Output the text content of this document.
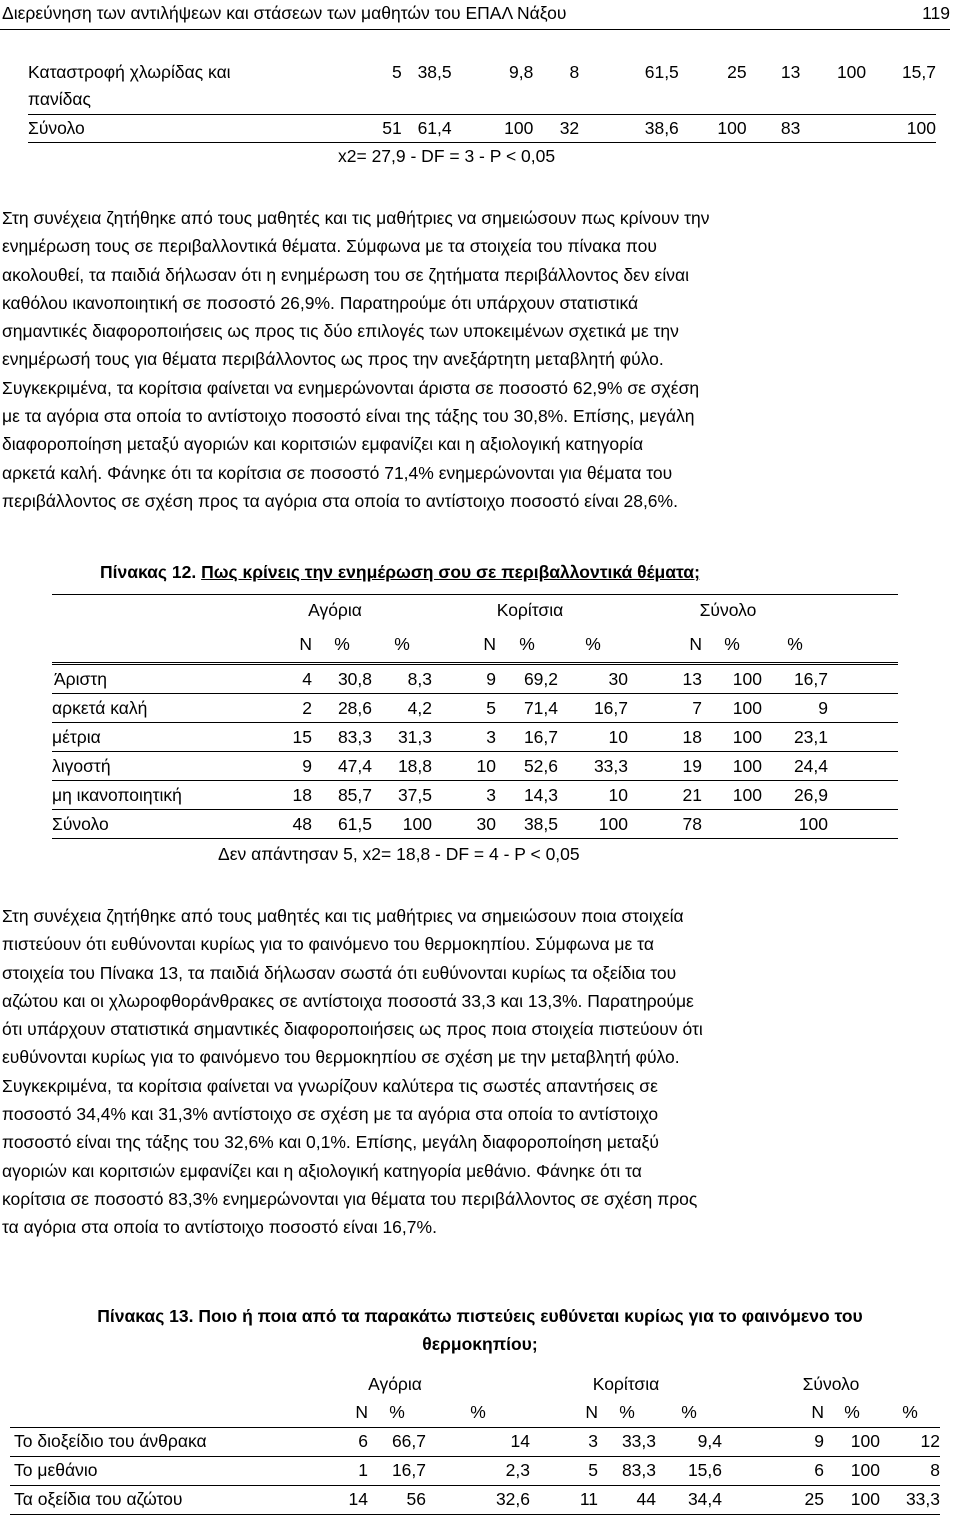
Διερεύνηση των αντιλήψεων και στάσεων των μαθητών του ΕΠΑΛ Νάξου	119
Καταστροφή χλωρίδας και	5	38,5	9,8	8	61,5	25	13	100	15,7
πανίδας									
Σύνολο	51	61,4	100	32	38,6	100	83		100
x2= 27,9 - DF = 3 - P < 0,05
Στη συνέχεια ζητήθηκε από τους μαθητές και τις μαθήτριες να σημειώσουν πως κρίνουν την
ενημέρωση τους σε περιβαλλοντικά θέματα. Σύμφωνα με τα στοιχεία του πίνακα που
ακολουθεί, τα παιδιά δήλωσαν ότι η ενημέρωση του σε ζητήματα περιβάλλοντος δεν είναι
καθόλου ικανοποιητική σε ποσοστό 26,9%. Παρατηρούμε ότι υπάρχουν στατιστικά
σημαντικές διαφοροποιήσεις ως προς τις δύο επιλογές των υποκειμένων σχετικά με την
ενημέρωσή τους για θέματα περιβάλλοντος ως προς την ανεξάρτητη μεταβλητή φύλο.
Συγκεκριμένα, τα κορίτσια φαίνεται να ενημερώνονται άριστα σε ποσοστό 62,9% σε σχέση
με τα αγόρια στα οποία το αντίστοιχο ποσοστό είναι της τάξης του 30,8%. Επίσης, μεγάλη
διαφοροποίηση μεταξύ αγοριών και κοριτσιών εμφανίζει και η αξιολογική κατηγορία
αρκετά καλή. Φάνηκε ότι τα κορίτσια σε ποσοστό 71,4% ενημερώνονται για θέματα του
περιβάλλοντος σε σχέση προς τα αγόρια στα οποία το αντίστοιχο ποσοστό είναι 28,6%.
Πίνακας 12. Πως κρίνεις την ενημέρωση σου σε περιβαλλοντικά θέματα;
	Αγόρια			Κορίτσια			Σύνολο			
	Ν	%	%	Ν	%	%	Ν	%	%	

Άριστη	4	30,8	8,3	9	69,2	30	13	100	16,7	
αρκετά καλή	2	28,6	4,2	5	71,4	16,7	7	100	9	
μέτρια	15	83,3	31,3	3	16,7	10	18	100	23,1	
λιγοστή	9	47,4	18,8	10	52,6	33,3	19	100	24,4	
μη ικανοποιητική	18	85,7	37,5	3	14,3	10	21	100	26,9	
Σύνολο	48	61,5	100	30	38,5	100	78		100	
Δεν απάντησαν 5, x2= 18,8 - DF = 4 - P < 0,05
Στη συνέχεια ζητήθηκε από τους μαθητές και τις μαθήτριες να σημειώσουν ποια στοιχεία
πιστεύουν ότι ευθύνονται κυρίως για το φαινόμενο του θερμοκηπίου. Σύμφωνα με τα
στοιχεία του Πίνακα 13, τα παιδιά δήλωσαν σωστά ότι ευθύνονται κυρίως τα οξείδια του
αζώτου και οι χλωροφθοράνθρακες σε αντίστοιχα ποσοστά 33,3 και 13,3%. Παρατηρούμε
ότι υπάρχουν στατιστικά σημαντικές διαφοροποιήσεις ως προς ποια στοιχεία πιστεύουν ότι
ευθύνονται κυρίως για το φαινόμενο του θερμοκηπίου σε σχέση με την μεταβλητή φύλο.
Συγκεκριμένα, τα κορίτσια φαίνεται να γνωρίζουν καλύτερα τις σωστές απαντήσεις σε
ποσοστό 34,4% και 31,3% αντίστοιχο σε σχέση με τα αγόρια στα οποία το αντίστοιχο
ποσοστό είναι της τάξης του 32,6% και 0,1%. Επίσης, μεγάλη διαφοροποίηση μεταξύ
αγοριών και κοριτσιών εμφανίζει και η αξιολογική κατηγορία μεθάνιο. Φάνηκε ότι τα
κορίτσια σε ποσοστό 83,3% ενημερώνονται για θέματα του περιβάλλοντος σε σχέση προς
τα αγόρια στα οποία το αντίστοιχο ποσοστό είναι 16,7%.
Πίνακας 13. Ποιο ή ποια από τα παρακάτω πιστεύεις ευθύνεται κυρίως για το φαινόμενο του
θερμοκηπίου;
	Αγόρια			Κορίτσια			Σύνολο		
	Ν	%	%	Ν	%	%	Ν	%	%
Το διοξείδιο του άνθρακα	6	66,7	14	3	33,3	9,4	9	100	12
Το μεθάνιο	1	16,7	2,3	5	83,3	15,6	6	100	8
Τα οξείδια του αζώτου	14	56	32,6	11	44	34,4	25	100	33,3
